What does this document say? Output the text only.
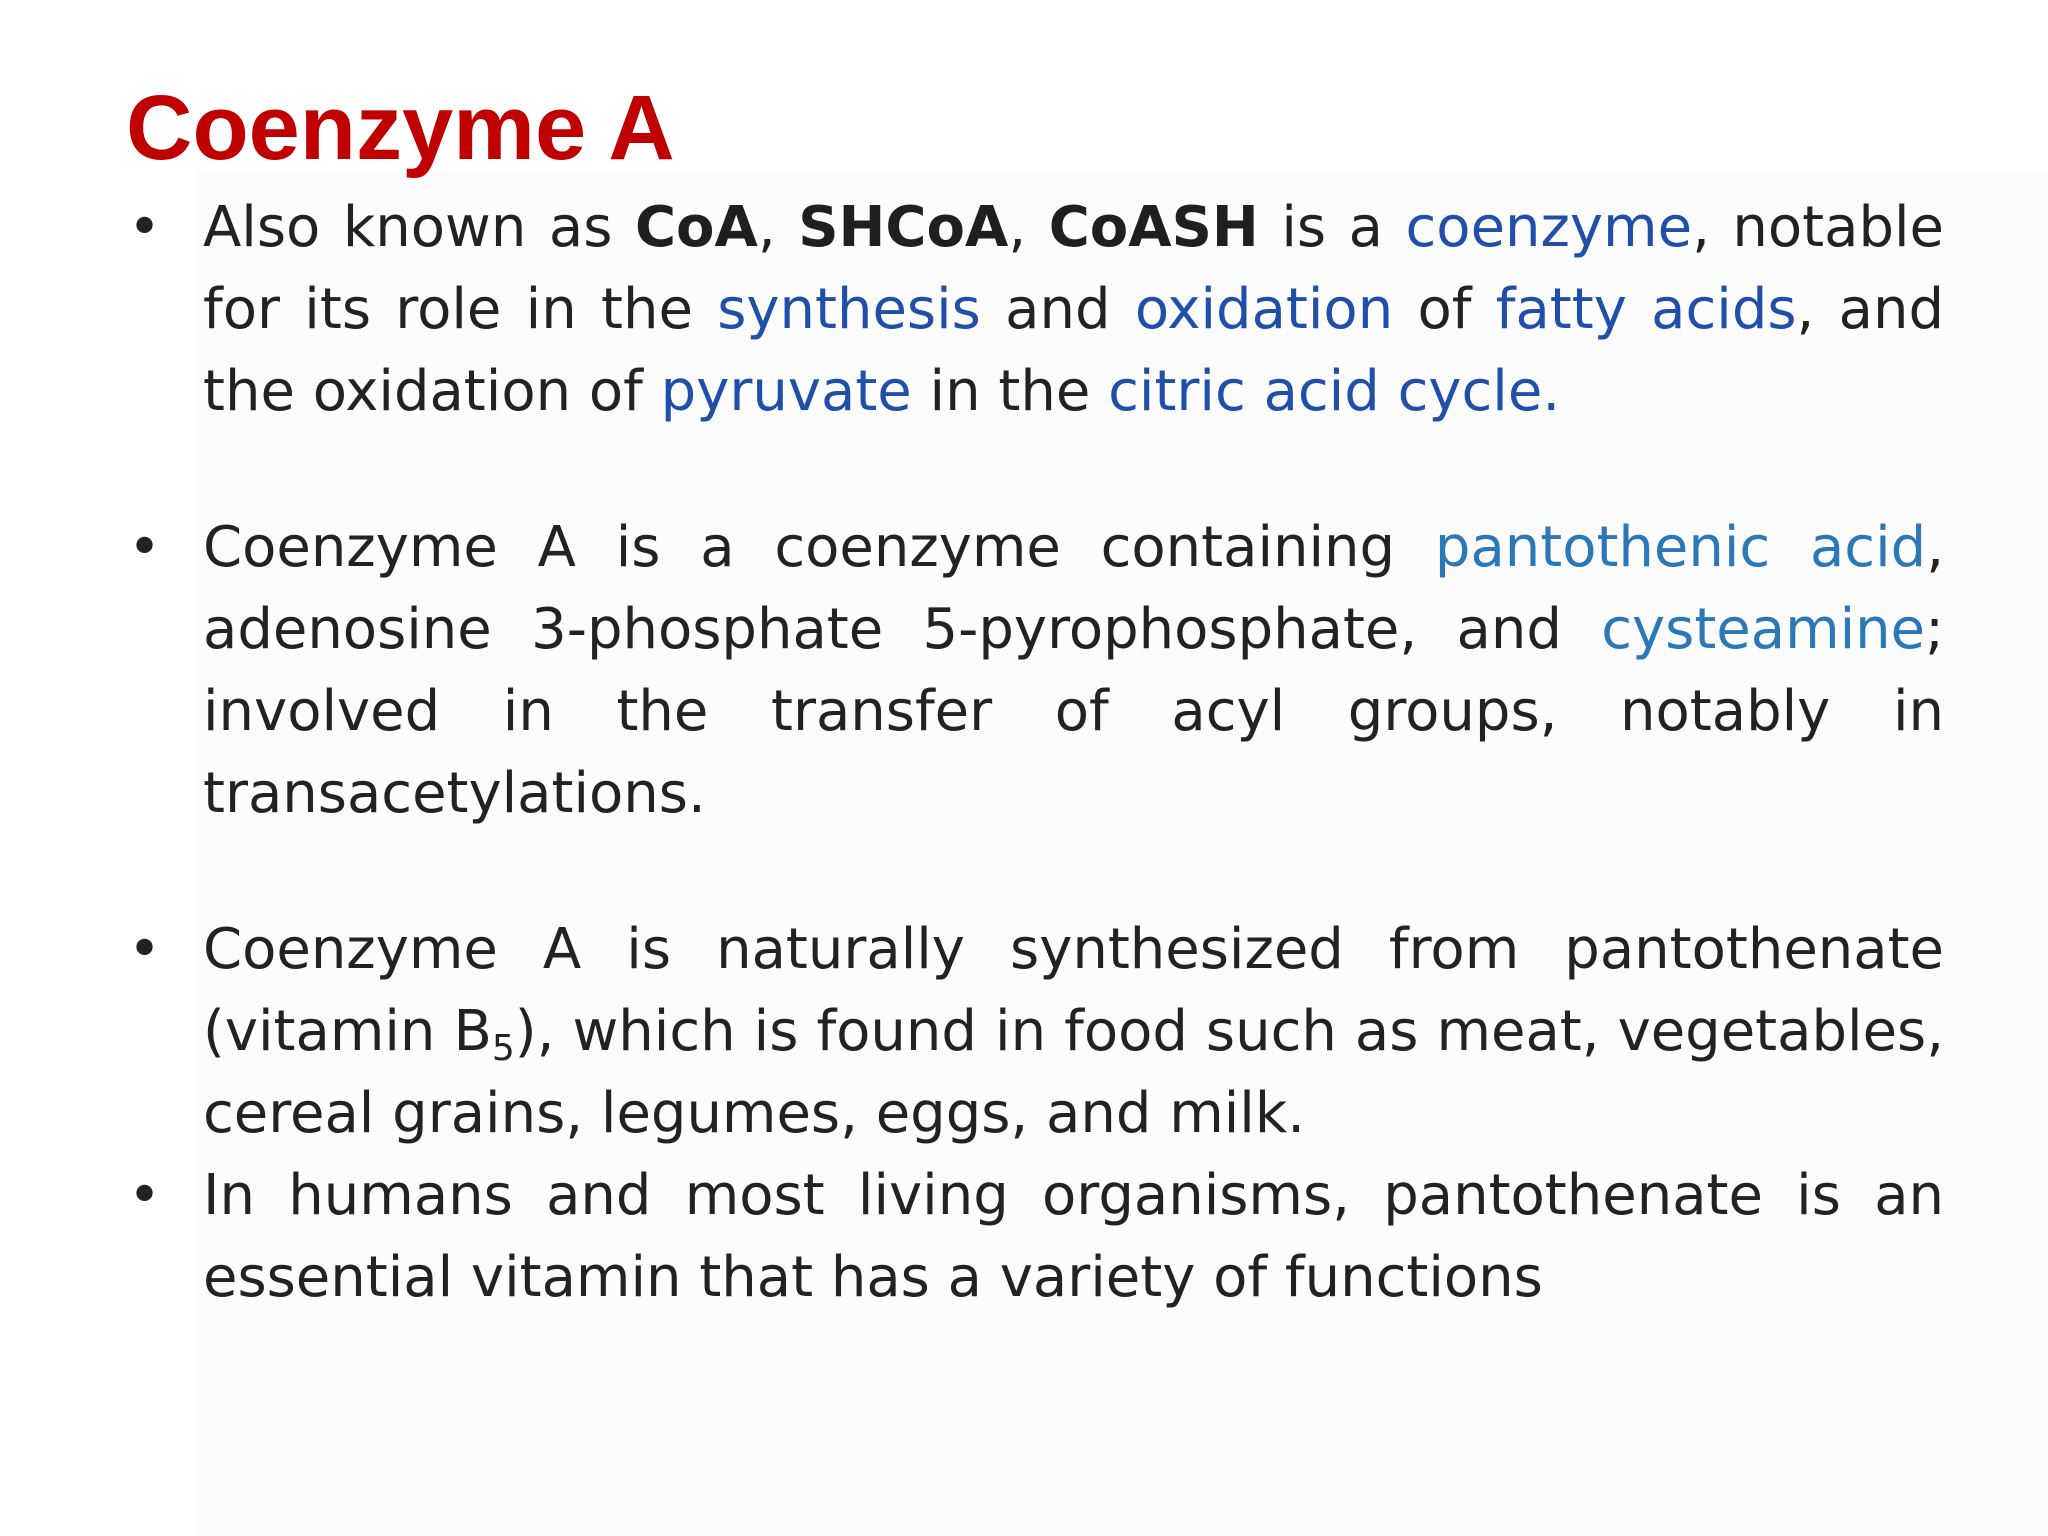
Coenzyme A
• Also known as CoA, SHCoA, CoASH is a coenzyme, notable for its role in the synthesis and oxidation of fatty acids, and the oxidation of pyruvate in the citric acid cycle.
• Coenzyme A is a coenzyme containing pantothenic acid, adenosine 3-phosphate 5-pyrophosphate, and cysteamine; involved in the transfer of acyl groups, notably in transacetylations.
• Coenzyme A is naturally synthesized from pantothenate (vitamin $B_5$), which is found in food such as meat, vegetables, cereal grains, legumes, eggs, and milk.
• In humans and most living organisms, pantothenate is an essential vitamin that has a variety of functions
